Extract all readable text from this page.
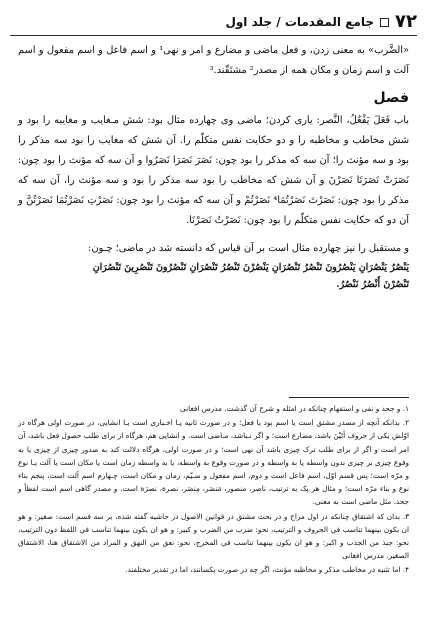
۷۲
جامع المقدمات / جلد اول

«الضَّرب» به معنی زدن، و فعل ماضی و مضارع و امر و نهی¹ و اسم فاعل و اسم مفعول و اسم آلت و اسم زمان و مکان همه از مصدر² مشتَقّند.³

فصل

باب فَعَلَ يَفْعُلُ، النَّصر: یاری کردن؛ ماضی وی چهارده مثال بود: شش مـغایب و مغایبه را بود و شش مخاطب و مخاطبه را و دو حکایت نفس متکلّم را. آن شش که مغایب را بود سه مذکر را بود و سه مؤنث را؛ آن سه که مذکر را بود چون: نَصَرَ نَصَرَا نَصَرُوا و آن سه که مؤنث را بود چون: نَصَرَتْ نَصَرَتَا نَصَرْنَ و آن شش که مخاطب را بود سه مذکر را بود و سه مؤنث را، آن سه که مذکر را بود چون: نَصَرْتَ نَصَرْتُمَا⁴ نَصَرْتُمْ و آن سه که مؤنث را بود چون: نَصَرْتِ نَصَرْتُمَا نَصَرْتُنَّ و آن دو که حکایت نفس متکلّم را بود چون: نَصَرْتُ نَصَرْنَا.

و مستقبل را نیز چهارده مثال است بر آن قیاس که دانسته شد در ماضی؛ چـون:

يَنْصُرُ يَنْصُرَانِ يَنْصُرُونَ تَنْصُرُ تَنْصُرَانِ يَنْصُرْنَ تَنْصُرُ تَنْصُرَانِ تَنْصُرُونَ تَنْصُرِينَ تَنْصُرَانِ

تَنْصُرْنَ أَنْصُرُ نَنْصُرُ.

۱. و جحد و نفی و استفهام چنانکه در امثله و شرح آن گذشت. مدرس افغانی

۲. بدانکه آنچه از مصدر مشتق است یا اسم بود یا فعل؛ و در صورت ثانیه یـا اخـباری است یـا انشایی، در صورت اولی هرگاه در اوّلش یکی از حروف أتَيْنَ باشد، مضارع است؛ و اگر نـباشد، مـاضی است. و انشایی هم، هرگاه از برای طلب حصول فعل باشد، آن امر است و اگر از برای طلب ترک چیزی باشد آن نهی است؛ و در صورت اولی، هرگاه دلالت کند به صدور چیزی از چیزی یا به وقوع چیزی بر چیزی بدون واسطه یا به واسطه و در صورت وقوع به واسطه، یا به واسطه زمان است یا مکان است یا آلت یـا نوع و مرّه است؛ پس قسم اوّل، اسم فاعل است و دوم، اسم مفعول و سـیّم، زمان و مکان است، چـهارم اسم آلت است، پنجم بناء نوع و بناء مرّه است؛ و مثال هر یک به ترتیب، ناصر، منصور، مَنصَر، مِنصَر، نصرة، نصرَة است. و مصدر گاهی اسم است لفظاً و جحد، مثل ماضی است به معنی.

۳. بدان که اشتقاق چنانکه در اول مراح و در بحث مشتق در قوانین الاصول در حاشیه گفته شده، بر سه قسم است: صغیر: و هو ان يكون بينهما تناسب في الحروف و الترتيب، نحو: ضرب من الضرب و كبير: و هو ان يكون بينهما تناسب في اللفظ دون الترتيب، نحو: جبذ من الجذب و اكبر: و هو ان يكون بينهما تناسب في المخرج، نحو: نعق من النهق و المراد من الاشتقاق هنا، الاشتقاق الصغير. مدرس افغانی

۴. اما تثنیه در مخاطب مذکر و مخاطبه مؤنث، اگر چه در صورت یکسانند، اما در تقدیر مختلفند.
